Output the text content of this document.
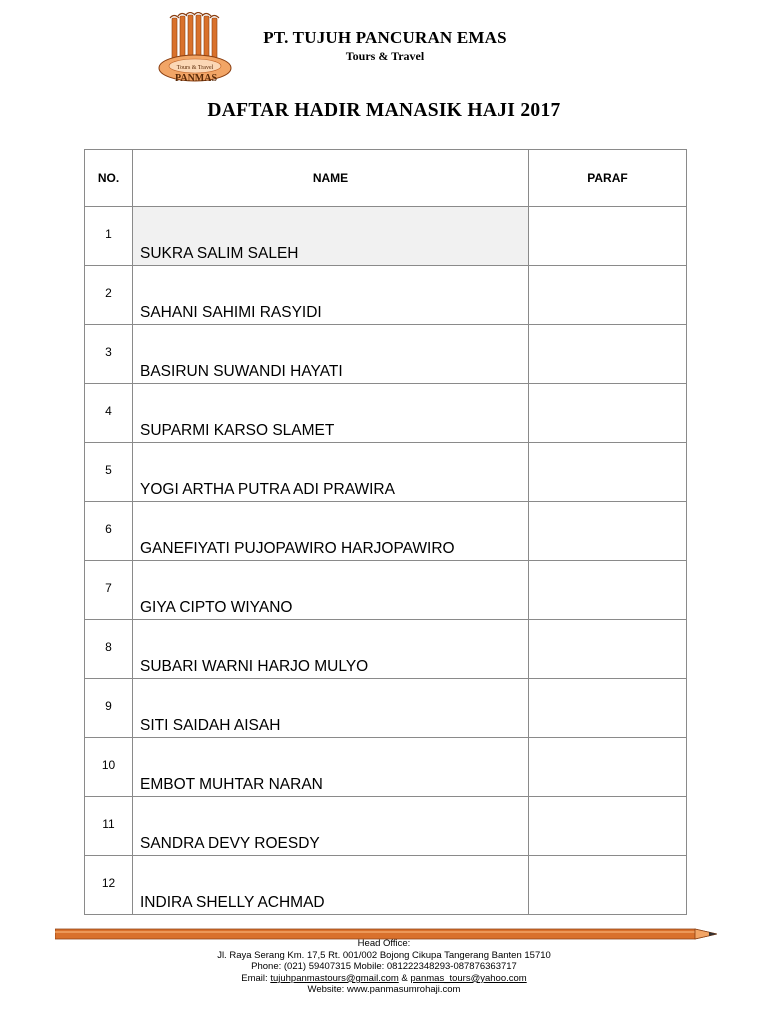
Tours & Travel
PANMAS
PT. TUJUH PANCURAN EMAS
Tours & Travel
DAFTAR HADIR MANASIK HAJI 2017
NO.	NAME	PARAF
1	SUKRA SALIM SALEH	
2	SAHANI SAHIMI RASYIDI	
3	BASIRUN SUWANDI HAYATI	
4	SUPARMI KARSO SLAMET	
5	YOGI ARTHA PUTRA ADI PRAWIRA	
6	GANEFIYATI PUJOPAWIRO HARJOPAWIRO	
7	GIYA CIPTO WIYANO	
8	SUBARI WARNI HARJO MULYO	
9	SITI SAIDAH AISAH	
10	EMBOT MUHTAR NARAN	
11	SANDRA DEVY ROESDY	
12	INDIRA SHELLY ACHMAD	
Head Office:
Jl. Raya Serang Km. 17,5 Rt. 001/002 Bojong Cikupa Tangerang Banten 15710
Phone: (021) 59407315 Mobile: 081222348293-087876363717
Email: tujuhpanmastours@gmail.com & panmas_tours@yahoo.com
Website: www.panmasumrohaji.com
